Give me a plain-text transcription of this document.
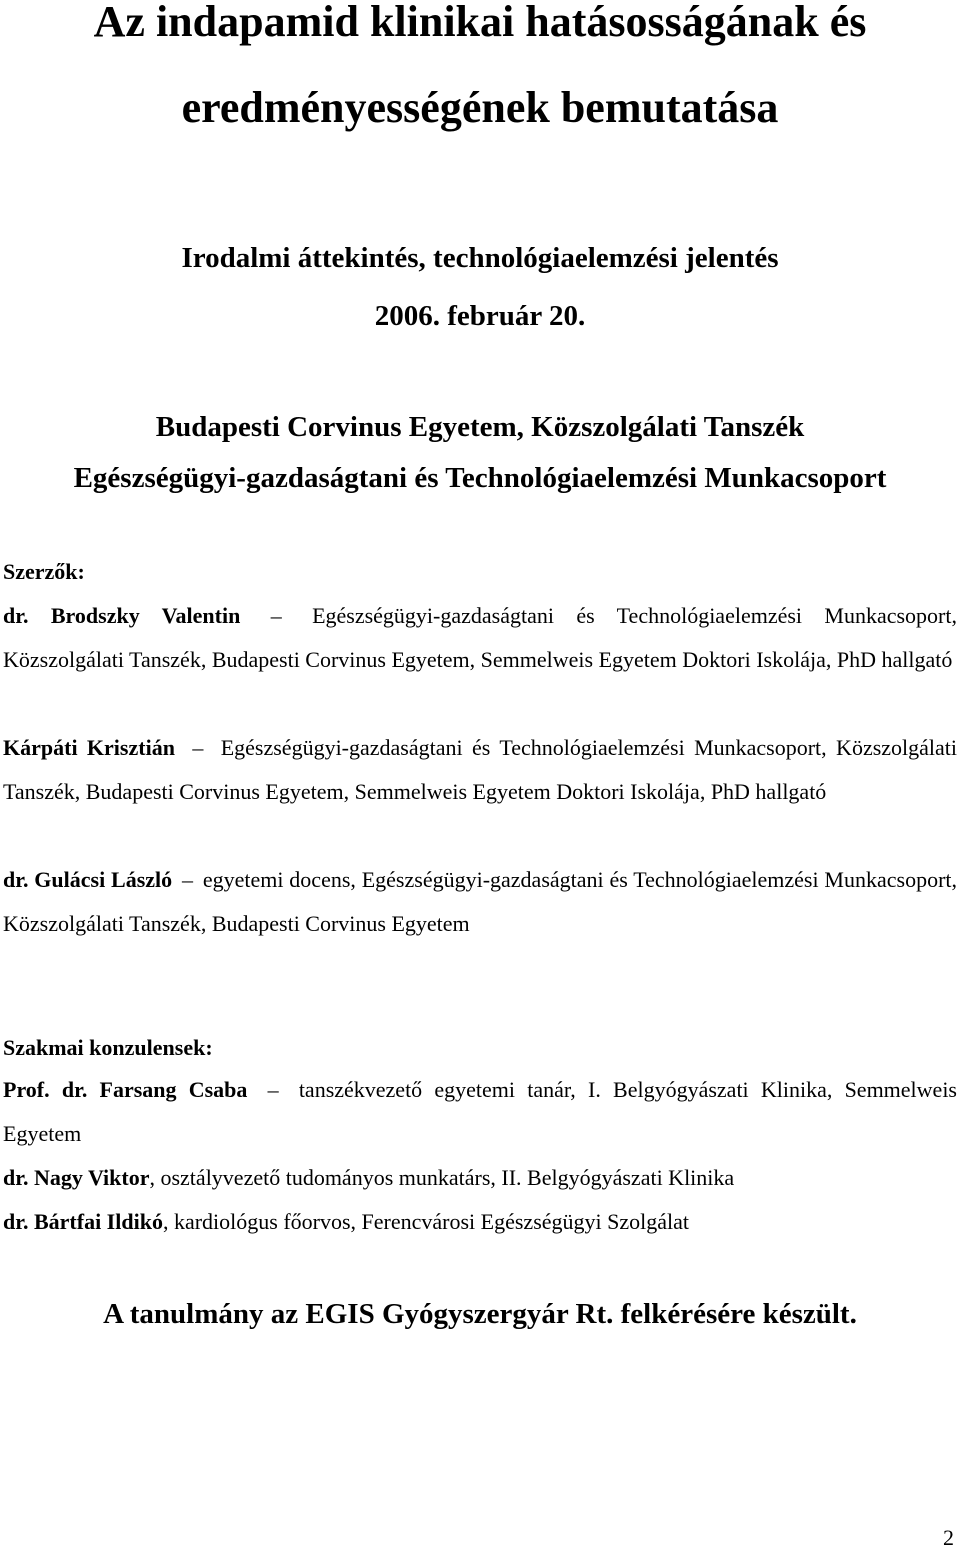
Az indapamid klinikai hatásosságának és
eredményességének bemutatása
Irodalmi áttekintés, technológiaelemzési jelentés
2006. február 20.
Budapesti Corvinus Egyetem, Közszolgálati Tanszék
Egészségügyi-gazdaságtani és Technológiaelemzési Munkacsoport
Szerzők:
dr. Brodszky Valentin – Egészségügyi-gazdaságtani és Technológiaelemzési Munkacsoport, Közszolgálati Tanszék, Budapesti Corvinus Egyetem, Semmelweis Egyetem Doktori Iskolája, PhD hallgató
Kárpáti Krisztián – Egészségügyi-gazdaságtani és Technológiaelemzési Munkacsoport, Közszolgálati Tanszék, Budapesti Corvinus Egyetem, Semmelweis Egyetem Doktori Iskolája, PhD hallgató
dr. Gulácsi László – egyetemi docens, Egészségügyi-gazdaságtani és Technológiaelemzési Munkacsoport, Közszolgálati Tanszék, Budapesti Corvinus Egyetem
Szakmai konzulensek:
Prof. dr. Farsang Csaba – tanszékvezető egyetemi tanár, I. Belgyógyászati Klinika, Semmelweis Egyetem
dr. Nagy Viktor, osztályvezető tudományos munkatárs, II. Belgyógyászati Klinika
dr. Bártfai Ildikó, kardiológus főorvos, Ferencvárosi Egészségügyi Szolgálat
A tanulmány az EGIS Gyógyszergyár Rt. felkérésére készült.
2
